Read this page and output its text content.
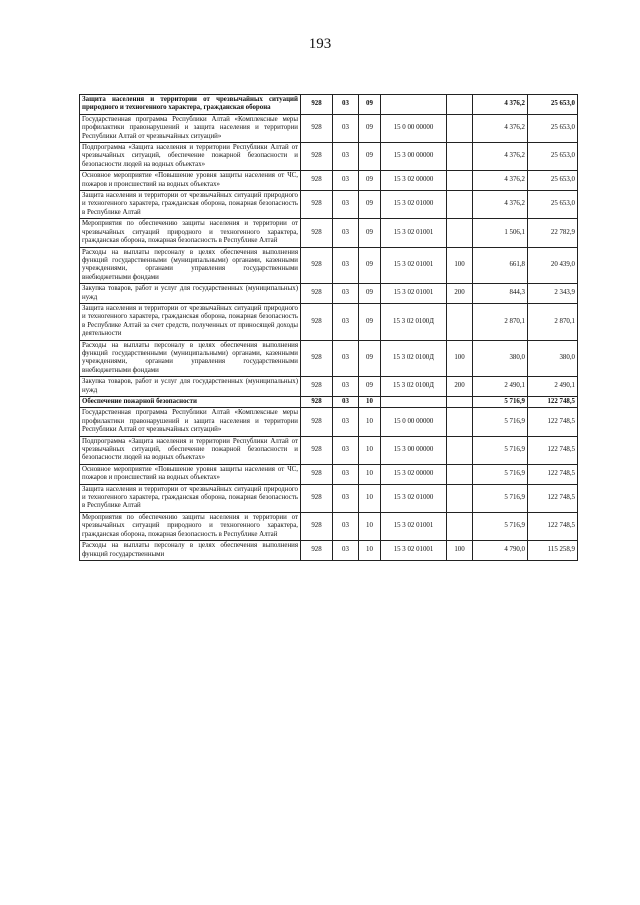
193
Защита населения и территории от чрезвычайных ситуаций природного и техногенного характера, гражданская оборона	928	03	09			4 376,2	25 653,0
Государственная программа Республики Алтай «Комплексные меры профилактики правонарушений и защита населения и территории Республики Алтай от чрезвычайных ситуаций»	928	03	09	15 0 00 00000		4 376,2	25 653,0
Подпрограмма «Защита населения и территории Республики Алтай от чрезвычайных ситуаций, обеспечение пожарной безопасности и безопасности людей на водных объектах»	928	03	09	15 3 00 00000		4 376,2	25 653,0
Основное мероприятие «Повышение уровня защиты населения от ЧС, пожаров и происшествий на водных объектах»	928	03	09	15 3 02 00000		4 376,2	25 653,0
Защита населения и территории от чрезвычайных ситуаций природного и техногенного характера, гражданская оборона, пожарная безопасность в Республике Алтай	928	03	09	15 3 02 01000		4 376,2	25 653,0
Мероприятия по обеспечению защиты населения и территории от чрезвычайных ситуаций природного и техногенного характера, гражданская оборона, пожарная безопасность в Республике Алтай	928	03	09	15 3 02 01001		1 506,1	22 782,9
Расходы на выплаты персоналу в целях обеспечения выполнения функций государственными (муниципальными) органами, казенными учреждениями, органами управления государственными внебюджетными фондами	928	03	09	15 3 02 01001	100	661,8	20 439,0
Закупка товаров, работ и услуг для государственных (муниципальных) нужд	928	03	09	15 3 02 01001	200	844,3	2 343,9
Защита населения и территории от чрезвычайных ситуаций природного и техногенного характера, гражданская оборона, пожарная безопасность в Республике Алтай за счет средств, полученных от приносящей доходы деятельности	928	03	09	15 3 02 0100Д		2 870,1	2 870,1
Расходы на выплаты персоналу в целях обеспечения выполнения функций государственными (муниципальными) органами, казенными учреждениями, органами управления государственными внебюджетными фондами	928	03	09	15 3 02 0100Д	100	380,0	380,0
Закупка товаров, работ и услуг для государственных (муниципальных) нужд	928	03	09	15 3 02 0100Д	200	2 490,1	2 490,1
Обеспечение пожарной безопасности	928	03	10			5 716,9	122 748,5
Государственная программа Республики Алтай «Комплексные меры профилактики правонарушений и защита населения и территории Республики Алтай от чрезвычайных ситуаций»	928	03	10	15 0 00 00000		5 716,9	122 748,5
Подпрограмма «Защита населения и территории Республики Алтай от чрезвычайных ситуаций, обеспечение пожарной безопасности и безопасности людей на водных объектах»	928	03	10	15 3 00 00000		5 716,9	122 748,5
Основное мероприятие «Повышение уровня защиты населения от ЧС, пожаров и происшествий на водных объектах»	928	03	10	15 3 02 00000		5 716,9	122 748,5
Защита населения и территории от чрезвычайных ситуаций природного и техногенного характера, гражданская оборона, пожарная безопасность в Республике Алтай	928	03	10	15 3 02 01000		5 716,9	122 748,5
Мероприятия по обеспечению защиты населения и территории от чрезвычайных ситуаций природного и техногенного характера, гражданская оборона, пожарная безопасность в Республике Алтай	928	03	10	15 3 02 01001		5 716,9	122 748,5
Расходы на выплаты персоналу в целях обеспечения выполнения функций государственными	928	03	10	15 3 02 01001	100	4 790,0	115 258,9
